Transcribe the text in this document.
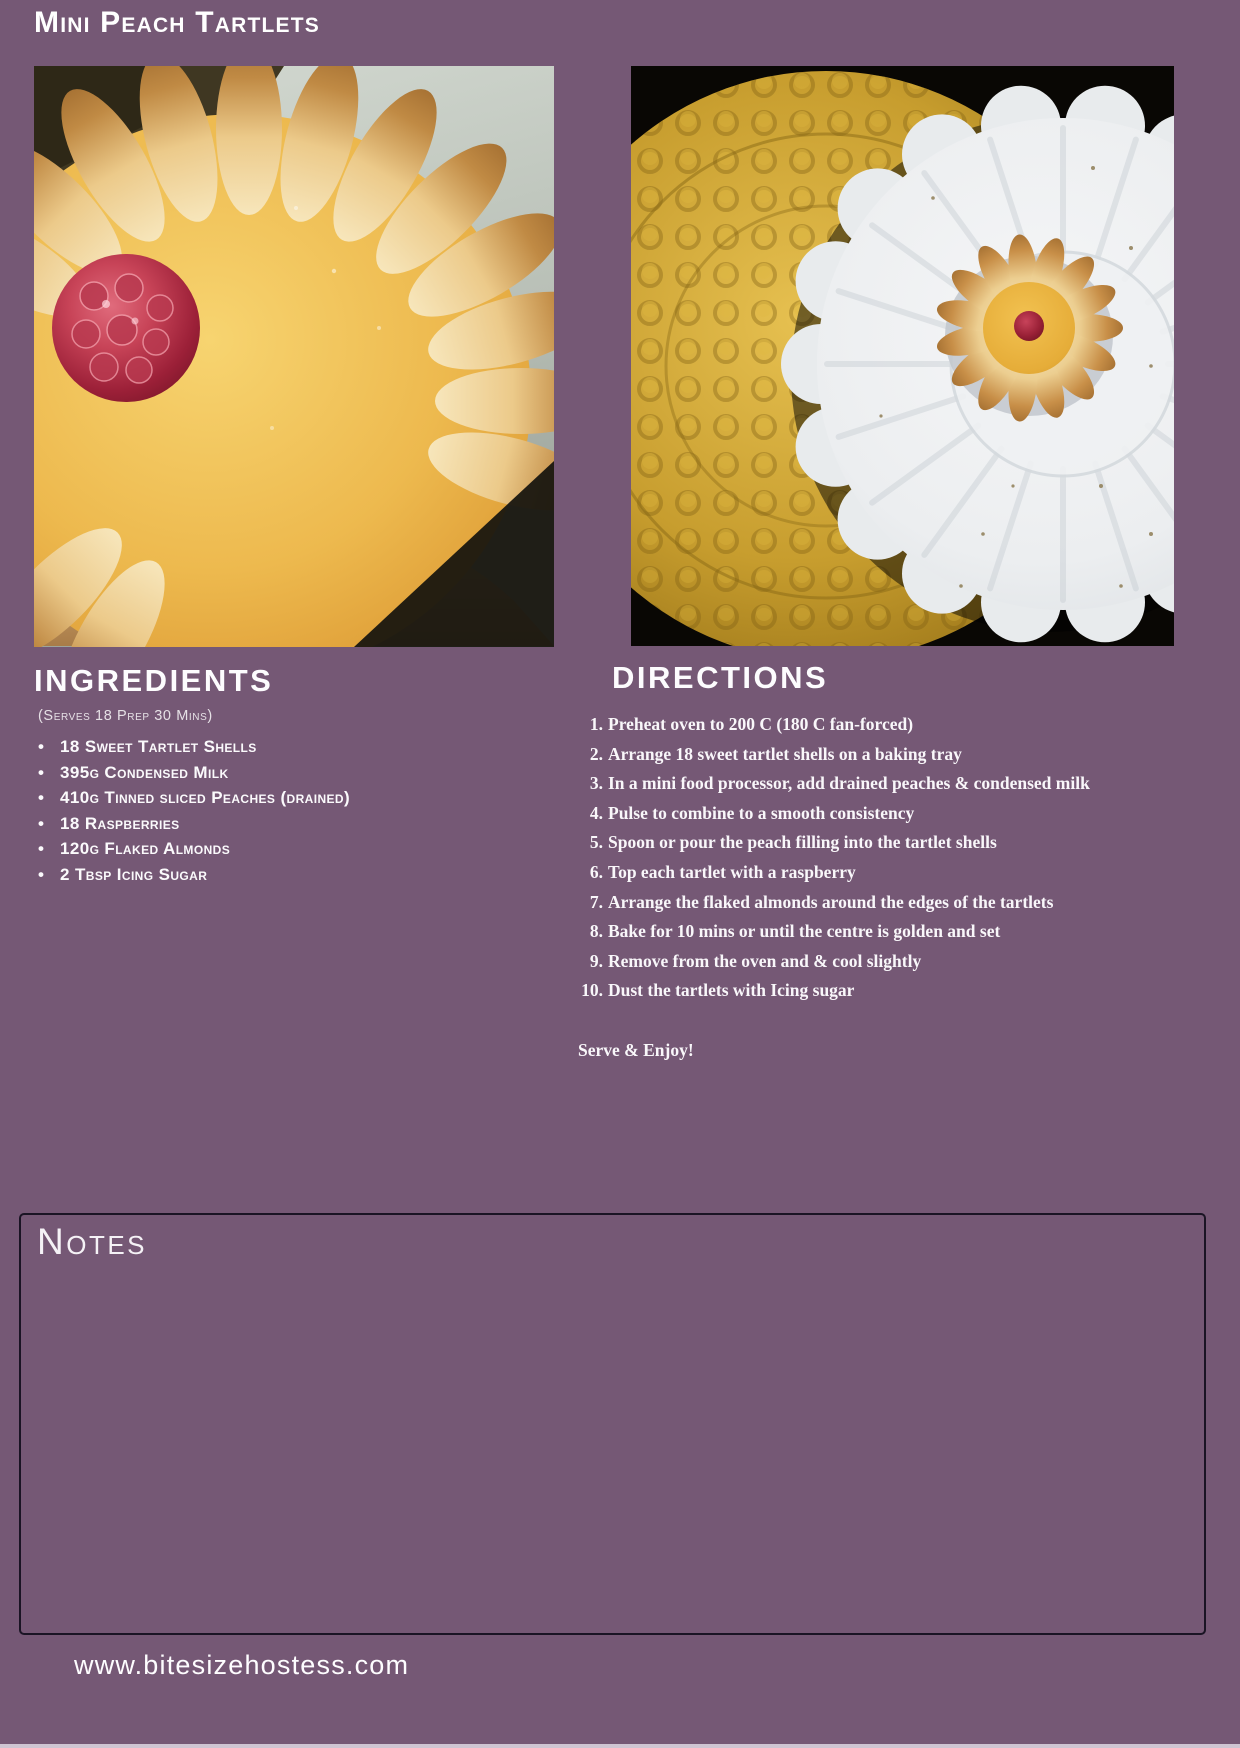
Mini Peach Tartlets
INGREDIENTS

(Serves 18 Prep 30 Mins)

• 18 Sweet Tartlet Shells
• 395g Condensed Milk
• 410g Tinned sliced Peaches (drained)
• 18 Raspberries
• 120g Flaked Almonds
• 2 Tbsp Icing Sugar
DIRECTIONS
1. Preheat oven to 200 C (180 C fan-forced)
2. Arrange 18 sweet tartlet shells on a baking tray
3. In a mini food processor, add drained peaches & condensed milk
4. Pulse to combine to a smooth consistency
5. Spoon or pour the peach filling into the tartlet shells
6. Top each tartlet with a raspberry
7. Arrange the flaked almonds around the edges of the tartlets
8. Bake for 10 mins or until the centre is golden and set
9. Remove from the oven and & cool slightly
10. Dust the tartlets with Icing sugar

Serve & Enjoy!

Notes
www.bitesizehostess.com
